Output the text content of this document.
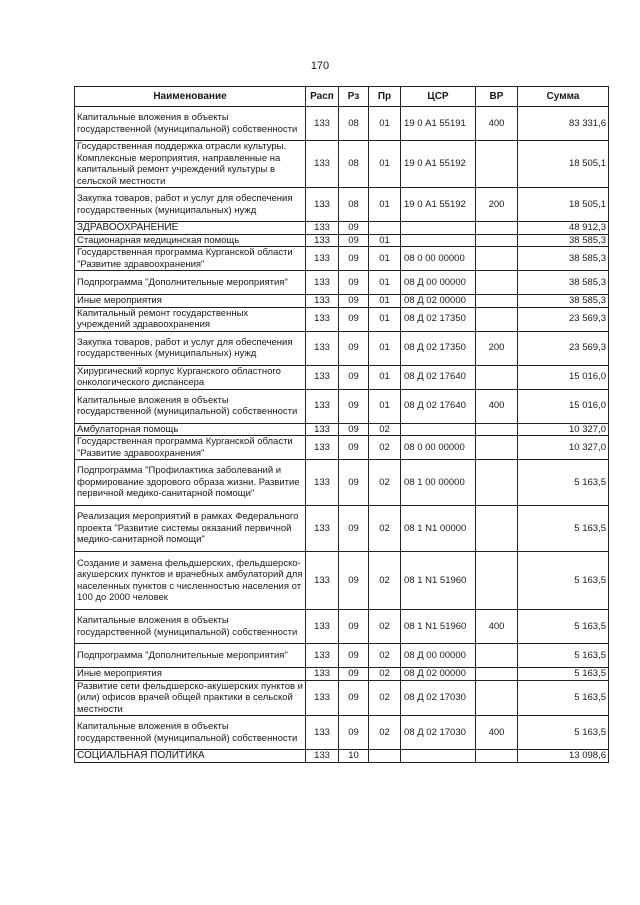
170
Наименование	Расп	Рз	Пр	ЦСР	ВР	Сумма
Капитальные вложения в объекты государственной (муниципальной) собственности	133	08	01	19 0 А1 55191	400	83 331,6
Государственная поддержка отрасли культуры. Комплексные мероприятия, направленные на капитальный ремонт учреждений культуры в сельской местности	133	08	01	19 0 А1 55192		18 505,1
Закупка товаров, работ и услуг для обеспечения государственных (муниципальных) нужд	133	08	01	19 0 А1 55192	200	18 505,1
ЗДРАВООХРАНЕНИЕ	133	09				48 912,3
Стационарная медицинская помощь	133	09	01			38 585,3
Государственная программа Курганской области "Развитие здравоохранения"	133	09	01	08 0 00 00000		38 585,3
Подпрограмма "Дополнительные мероприятия"	133	09	01	08 Д 00 00000		38 585,3
Иные мероприятия	133	09	01	08 Д 02 00000		38 585,3
Капитальный ремонт государственных учреждений здравоохранения	133	09	01	08 Д 02 17350		23 569,3
Закупка товаров, работ и услуг для обеспечения государственных (муниципальных) нужд	133	09	01	08 Д 02 17350	200	23 569,3
Хирургический корпус Курганского областного онкологического диспансера	133	09	01	08 Д 02 17640		15 016,0
Капитальные вложения в объекты государственной (муниципальной) собственности	133	09	01	08 Д 02 17640	400	15 016,0
Амбулаторная помощь	133	09	02			10 327,0
Государственная программа Курганской области "Развитие здравоохранения"	133	09	02	08 0 00 00000		10 327,0
Подпрограмма "Профилактика заболеваний и формирование здорового образа жизни. Развитие первичной медико-санитарной помощи"	133	09	02	08 1 00 00000		5 163,5
Реализация мероприятий в рамках Федерального проекта "Развитие системы оказаний первичной медико-санитарной помощи"	133	09	02	08 1 N1 00000		5 163,5
Создание и замена фельдшерских, фельдшерско-акушерских пунктов и врачебных амбулаторий для населенных пунктов с численностью населения от 100 до 2000 человек	133	09	02	08 1 N1 51960		5 163,5
Капитальные вложения в объекты государственной (муниципальной) собственности	133	09	02	08 1 N1 51960	400	5 163,5
Подпрограмма "Дополнительные мероприятия"	133	09	02	08 Д 00 00000		5 163,5
Иные мероприятия	133	09	02	08 Д 02 00000		5 163,5
Развитие сети фельдшерско-акушерских пунктов и (или) офисов врачей общей практики в сельской местности	133	09	02	08 Д 02 17030		5 163,5
Капитальные вложения в объекты государственной (муниципальной) собственности	133	09	02	08 Д 02 17030	400	5 163,5
СОЦИАЛЬНАЯ ПОЛИТИКА	133	10				13 098,6
